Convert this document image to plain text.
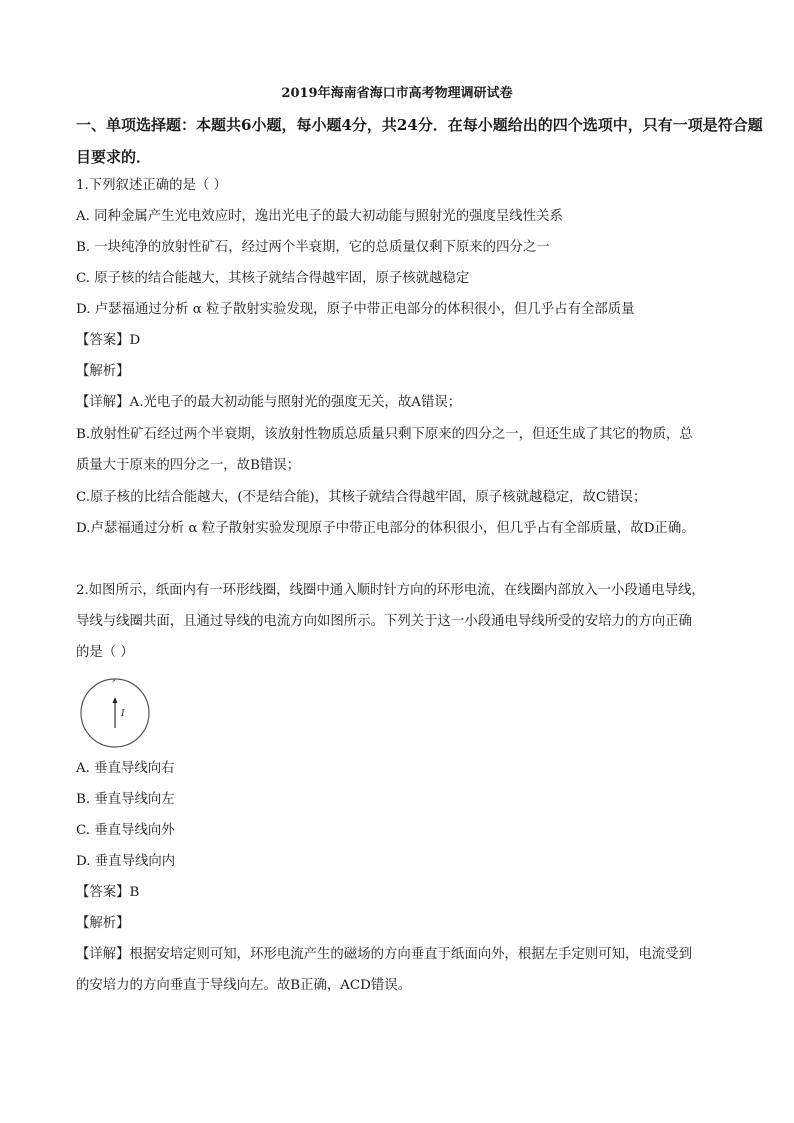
2019年海南省海口市高考物理调研试卷
一、单项选择题：本题共6小题，每小题4分，共24分．在每小题给出的四个选项中，只有一项是符合题
目要求的．
1.下列叙述正确的是（ ）
A. 同种金属产生光电效应时，逸出光电子的最大初动能与照射光的强度呈线性关系
B. 一块纯净的放射性矿石，经过两个半衰期，它的总质量仅剩下原来的四分之一
C. 原子核的结合能越大，其核子就结合得越牢固，原子核就越稳定
D. 卢瑟福通过分析 α 粒子散射实验发现，原子中带正电部分的体积很小，但几乎占有全部质量
【答案】D
【解析】
【详解】A.光电子的最大初动能与照射光的强度无关，故A错误；
B.放射性矿石经过两个半衰期，该放射性物质总质量只剩下原来的四分之一，但还生成了其它的物质，总
质量大于原来的四分之一，故B错误；
C.原子核的比结合能越大，(不是结合能)，其核子就结合得越牢固，原子核就越稳定，故C错误；
D.卢瑟福通过分析 α 粒子散射实验发现原子中带正电部分的体积很小，但几乎占有全部质量，故D正确。
2.如图所示，纸面内有一环形线圈，线圈中通入顺时针方向的环形电流，在线圈内部放入一小段通电导线，
导线与线圈共面，且通过导线的电流方向如图所示。下列关于这一小段通电导线所受的安培力的方向正确
的是（ ）
I
A. 垂直导线向右
B. 垂直导线向左
C. 垂直导线向外
D. 垂直导线向内
【答案】B
【解析】
【详解】根据安培定则可知，环形电流产生的磁场的方向垂直于纸面向外，根据左手定则可知，电流受到
的安培力的方向垂直于导线向左。故B正确，ACD错误。
